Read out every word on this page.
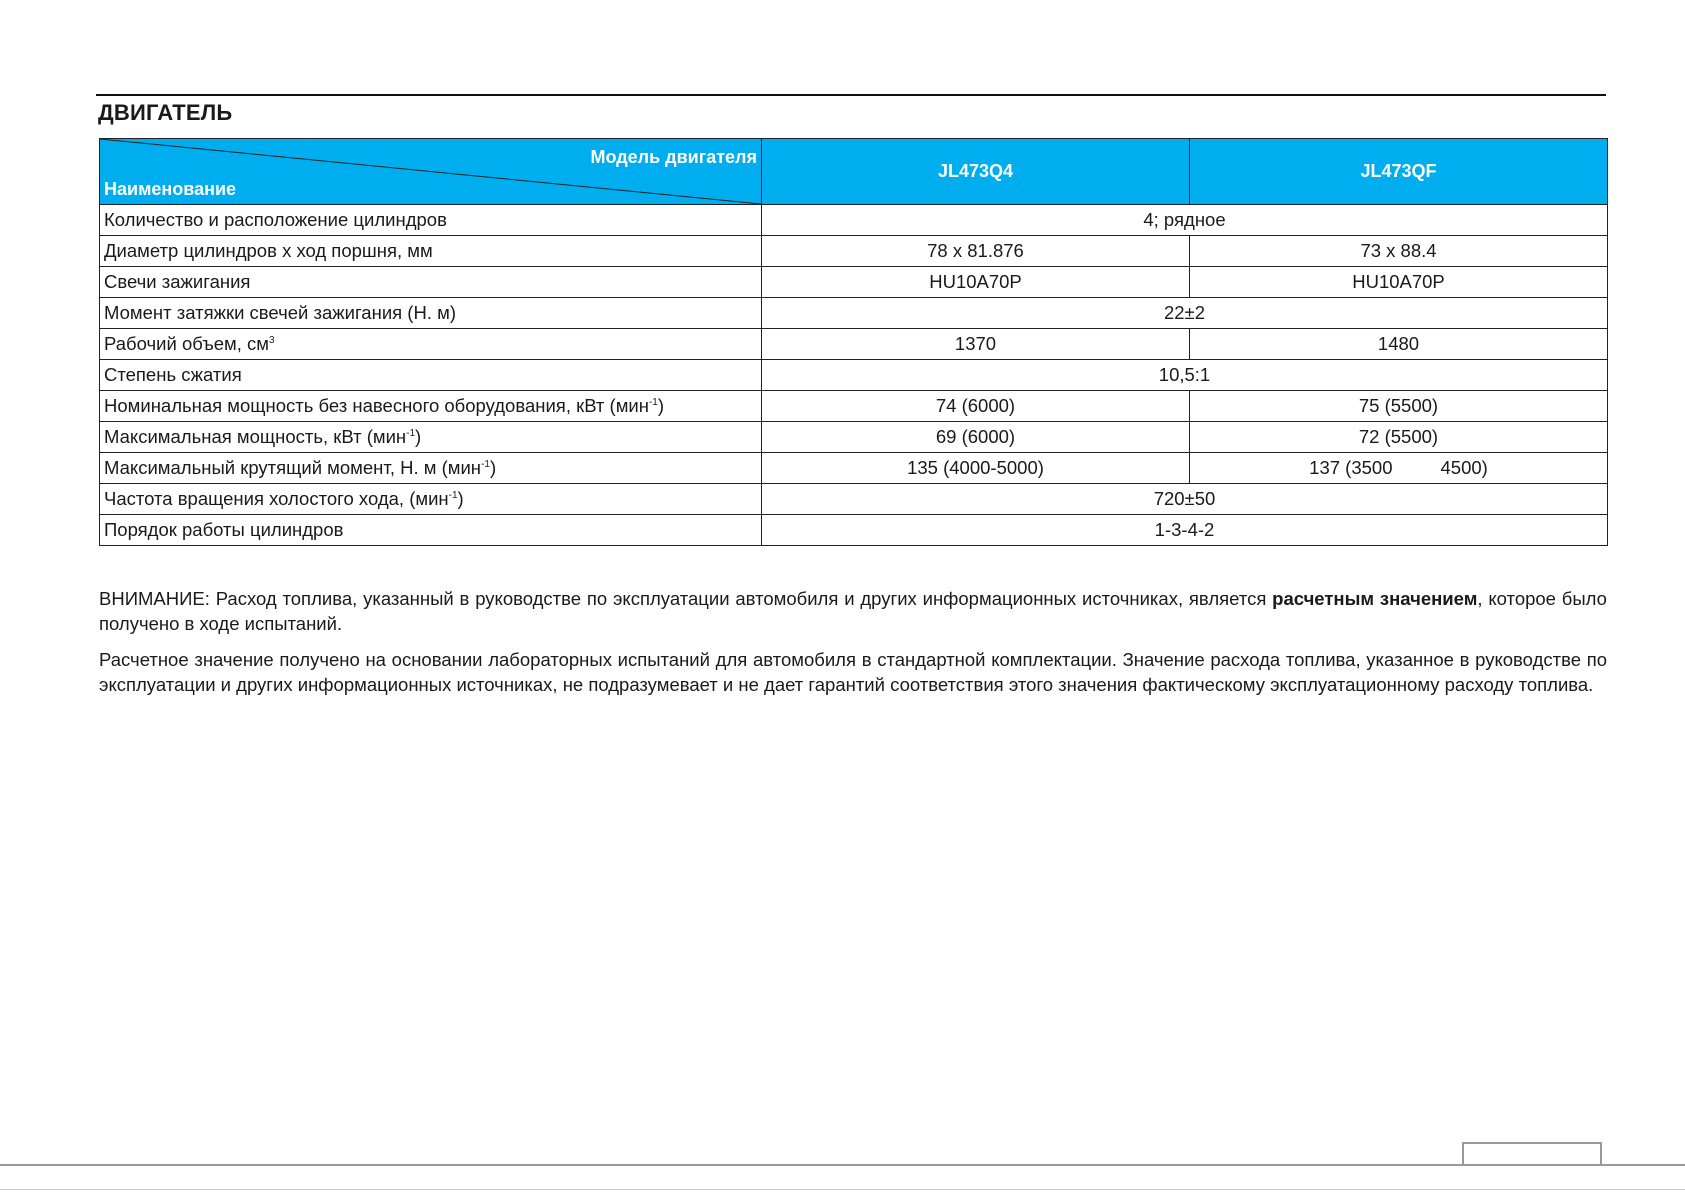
ДВИГАТЕЛЬ
Модель двигателя
Наименование	JL473Q4	JL473QF
Количество и расположение цилиндров	4; рядное	
Диаметр цилиндров x ход поршня, мм	78 x 81.876	73 x 88.4
Свечи зажигания	HU10A70P	HU10A70P
Момент затяжки свечей зажигания (Н. м)	22±2	
Рабочий объем, $см^3$	1370	1480
Степень сжатия	10,5:1	
Номинальная мощность без навесного оборудования, кВт (мин$^{-1}$)	74 (6000)	75 (5500)
Максимальная мощность, кВт (мин$^{-1}$)	69 (6000)	72 (5500)
Максимальный крутящий момент, Н. м (мин$^{-1}$)	135 (4000-5000)	137 (3500 4500)
Частота вращения холостого хода, (мин$^{-1}$)	720±50	
Порядок работы цилиндров	1-3-4-2	

ВНИМАНИЕ: Расход топлива, указанный в руководстве по эксплуатации автомобиля и других информационных источниках, является расчетным значением, которое было получено в ходе испытаний.

Расчетное значение получено на основании лабораторных испытаний для автомобиля в стандартной комплектации. Значение расхода топлива, указанное в руководстве по эксплуатации и других информационных источниках, не подразумевает и не дает гарантий соответствия этого значения фактическому эксплуатационному расходу топлива.
